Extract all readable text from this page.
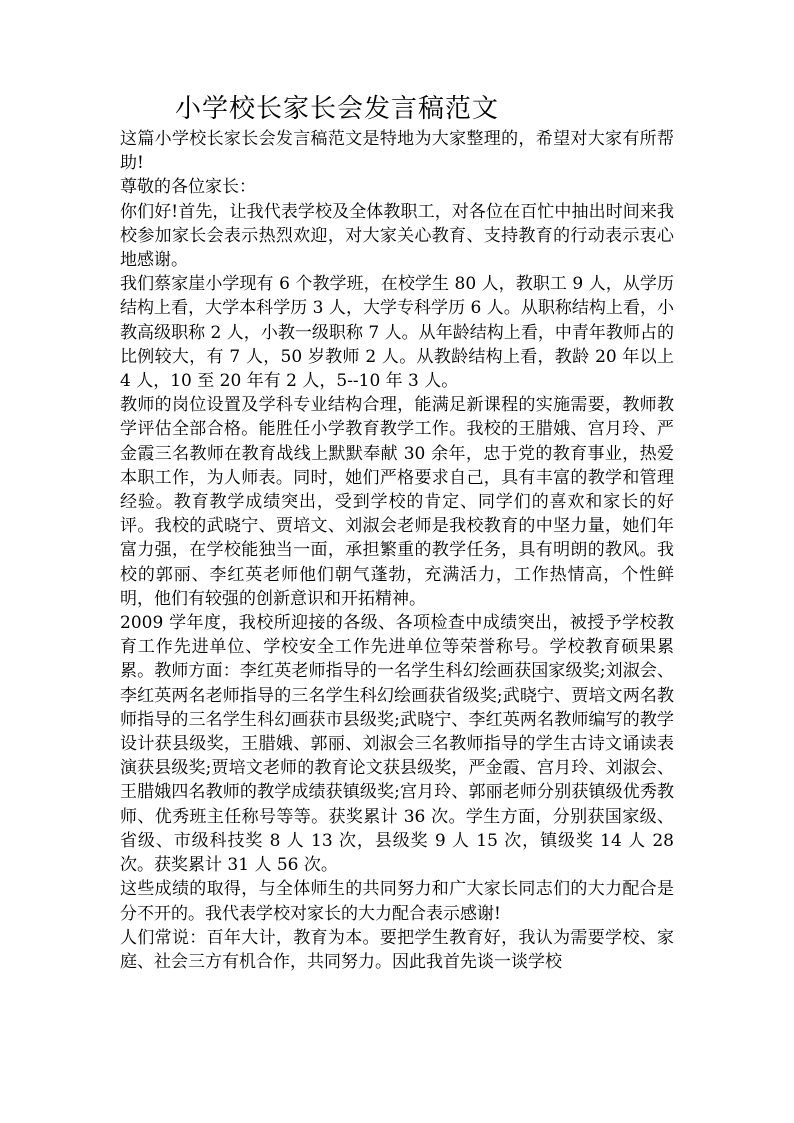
小学校长家长会发言稿范文

这篇小学校长家长会发言稿范文是特地为大家整理的，希望对大家有所帮助!

尊敬的各位家长：

你们好!首先，让我代表学校及全体教职工，对各位在百忙中抽出时间来我校参加家长会表示热烈欢迎，对大家关心教育、支持教育的行动表示衷心地感谢。

我们蔡家崖小学现有 6 个教学班，在校学生 80 人，教职工 9 人，从学历结构上看，大学本科学历 3 人，大学专科学历 6 人。从职称结构上看，小教高级职称 2 人，小教一级职称 7 人。从年龄结构上看，中青年教师占的比例较大，有 7 人，50 岁教师 2 人。从教龄结构上看，教龄 20 年以上 4 人，10 至 20 年有 2 人，5--10 年 3 人。

教师的岗位设置及学科专业结构合理，能满足新课程的实施需要，教师教学评估全部合格。能胜任小学教育教学工作。我校的王腊娥、宫月玲、严金霞三名教师在教育战线上默默奉献 30 余年，忠于党的教育事业，热爱本职工作，为人师表。同时，她们严格要求自己，具有丰富的教学和管理经验。教育教学成绩突出，受到学校的肯定、同学们的喜欢和家长的好评。我校的武晓宁、贾培文、刘淑会老师是我校教育的中坚力量，她们年富力强，在学校能独当一面，承担繁重的教学任务，具有明朗的教风。我校的郭丽、李红英老师他们朝气蓬勃，充满活力，工作热情高，个性鲜明，他们有较强的创新意识和开拓精神。

2009 学年度，我校所迎接的各级、各项检查中成绩突出，被授予学校教育工作先进单位、学校安全工作先进单位等荣誉称号。学校教育硕果累累。教师方面：李红英老师指导的一名学生科幻绘画获国家级奖;刘淑会、李红英两名老师指导的三名学生科幻绘画获省级奖;武晓宁、贾培文两名教师指导的三名学生科幻画获市县级奖;武晓宁、李红英两名教师编写的教学设计获县级奖，王腊娥、郭丽、刘淑会三名教师指导的学生古诗文诵读表演获县级奖;贾培文老师的教育论文获县级奖，严金霞、宫月玲、刘淑会、王腊娥四名教师的教学成绩获镇级奖;宫月玲、郭丽老师分别获镇级优秀教师、优秀班主任称号等等。获奖累计 36 次。学生方面，分别获国家级、省级、市级科技奖 8 人 13 次，县级奖 9 人 15 次，镇级奖 14 人 28 次。获奖累计 31 人 56 次。

这些成绩的取得，与全体师生的共同努力和广大家长同志们的大力配合是分不开的。我代表学校对家长的大力配合表示感谢!

人们常说：百年大计，教育为本。要把学生教育好，我认为需要学校、家庭、社会三方有机合作，共同努力。因此我首先谈一谈学校
